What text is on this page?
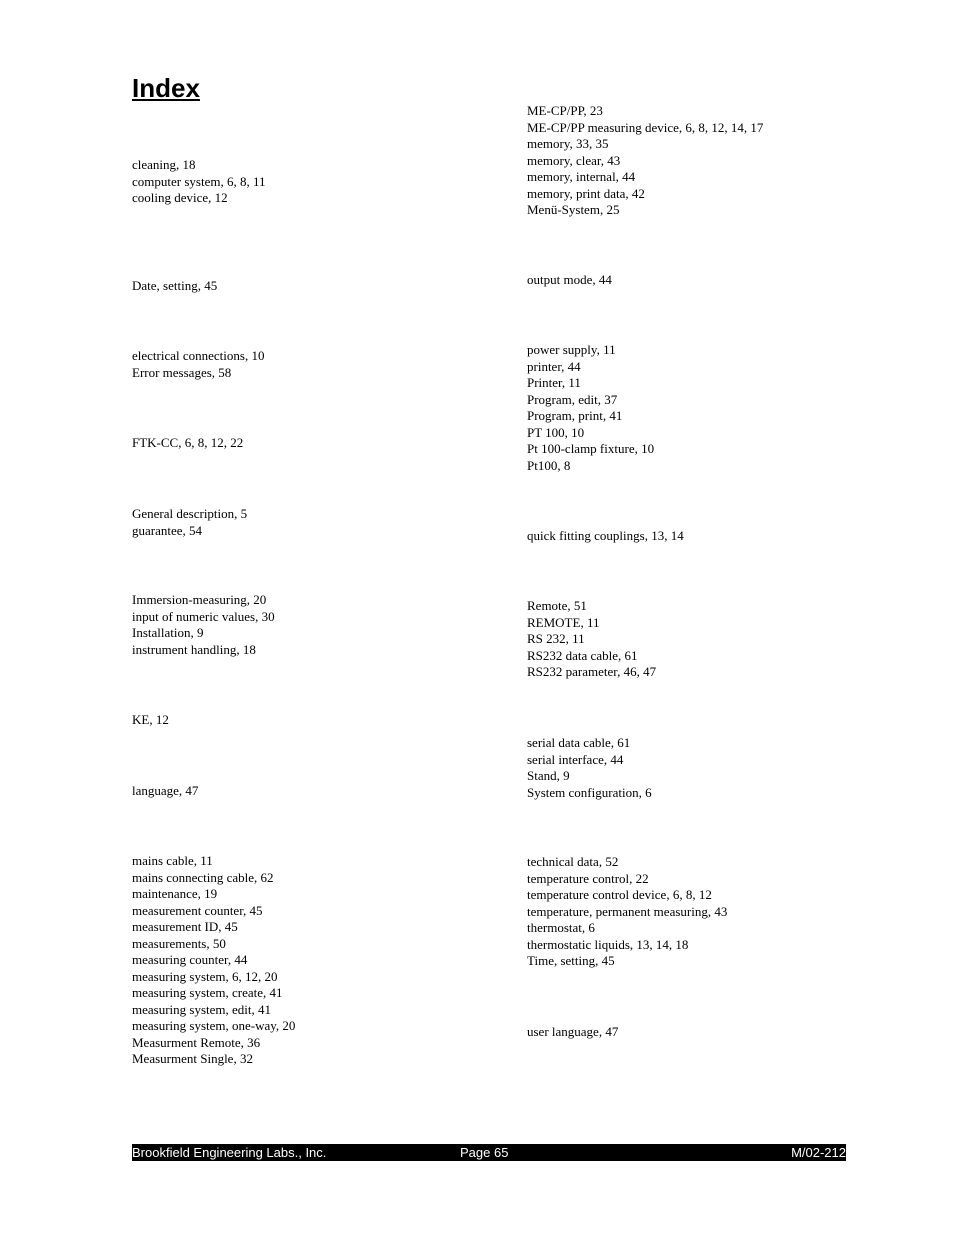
Index
cleaning, 18
computer system, 6, 8, 11
cooling device, 12
Date, setting, 45
electrical connections, 10
Error messages, 58
FTK-CC, 6, 8, 12, 22
General description, 5
guarantee, 54
Immersion-measuring, 20
input of numeric values, 30
Installation, 9
instrument handling, 18
KE, 12
language, 47
mains cable, 11
mains connecting cable, 62
maintenance, 19
measurement counter, 45
measurement ID, 45
measurements, 50
measuring counter, 44
measuring system, 6, 12, 20
measuring system, create, 41
measuring system, edit, 41
measuring system, one-way, 20
Measurment Remote, 36
Measurment Single, 32
ME-CP/PP, 23
ME-CP/PP measuring device, 6, 8, 12, 14, 17
memory, 33, 35
memory, clear, 43
memory, internal, 44
memory, print data, 42
Menü-System, 25
output mode, 44
power supply, 11
printer, 44
Printer, 11
Program, edit, 37
Program, print, 41
PT 100, 10
Pt 100-clamp fixture, 10
Pt100, 8
quick fitting couplings, 13, 14
Remote, 51
REMOTE, 11
RS 232, 11
RS232 data cable, 61
RS232 parameter, 46, 47
serial data cable, 61
serial interface, 44
Stand, 9
System configuration, 6
technical data, 52
temperature control, 22
temperature control device, 6, 8, 12
temperature, permanent measuring, 43
thermostat, 6
thermostatic liquids, 13, 14, 18
Time, setting, 45
user language, 47
Brookfield Engineering Labs., Inc.	Page 65	M/02-212
